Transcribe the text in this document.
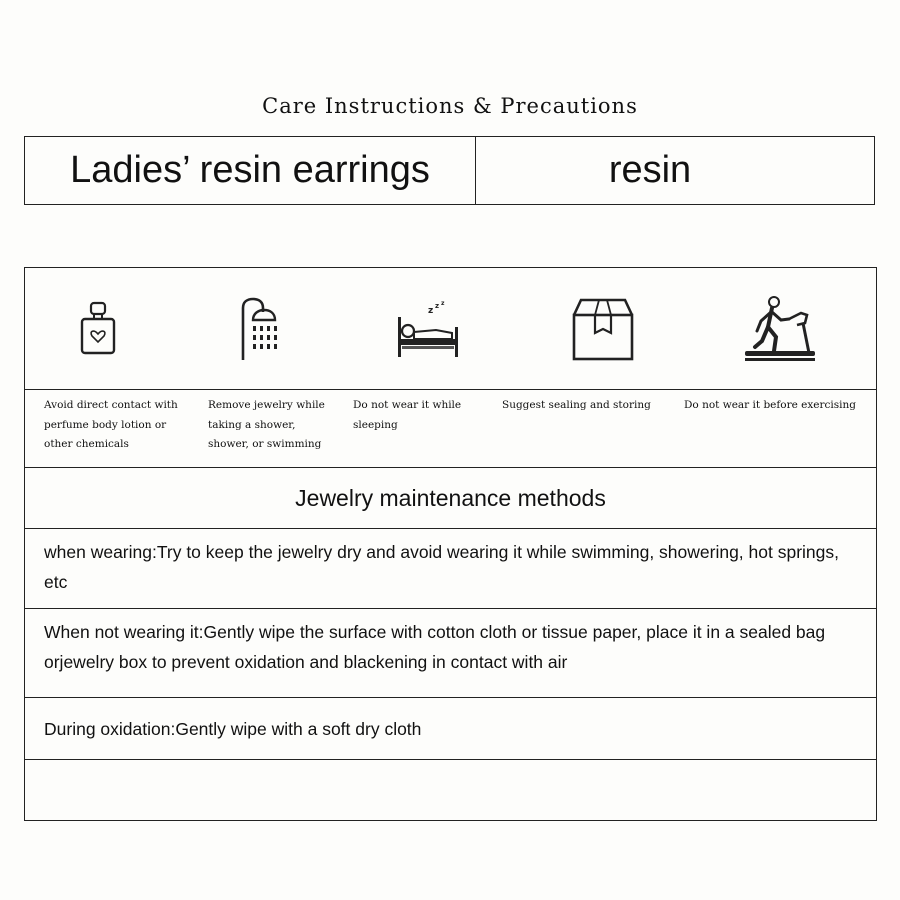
Care Instructions & Precautions
Ladies’ resin earrings	resin
z z z
Avoid direct contact with
perfume body lotion or
other chemicals
Remove jewelry while
taking a shower,
shower, or swimming
Do not wear it while
sleeping
Suggest sealing and storing	Do not wear it before exercising
Jewelry maintenance methods
when wearing:Try to keep the jewelry dry and avoid wearing it while swimming, showering, hot springs, etc
When not wearing it:Gently wipe the surface with cotton cloth or tissue paper, place it in a sealed bag orjewelry box to prevent oxidation and blackening in contact with air
During oxidation:Gently wipe with a soft dry cloth
